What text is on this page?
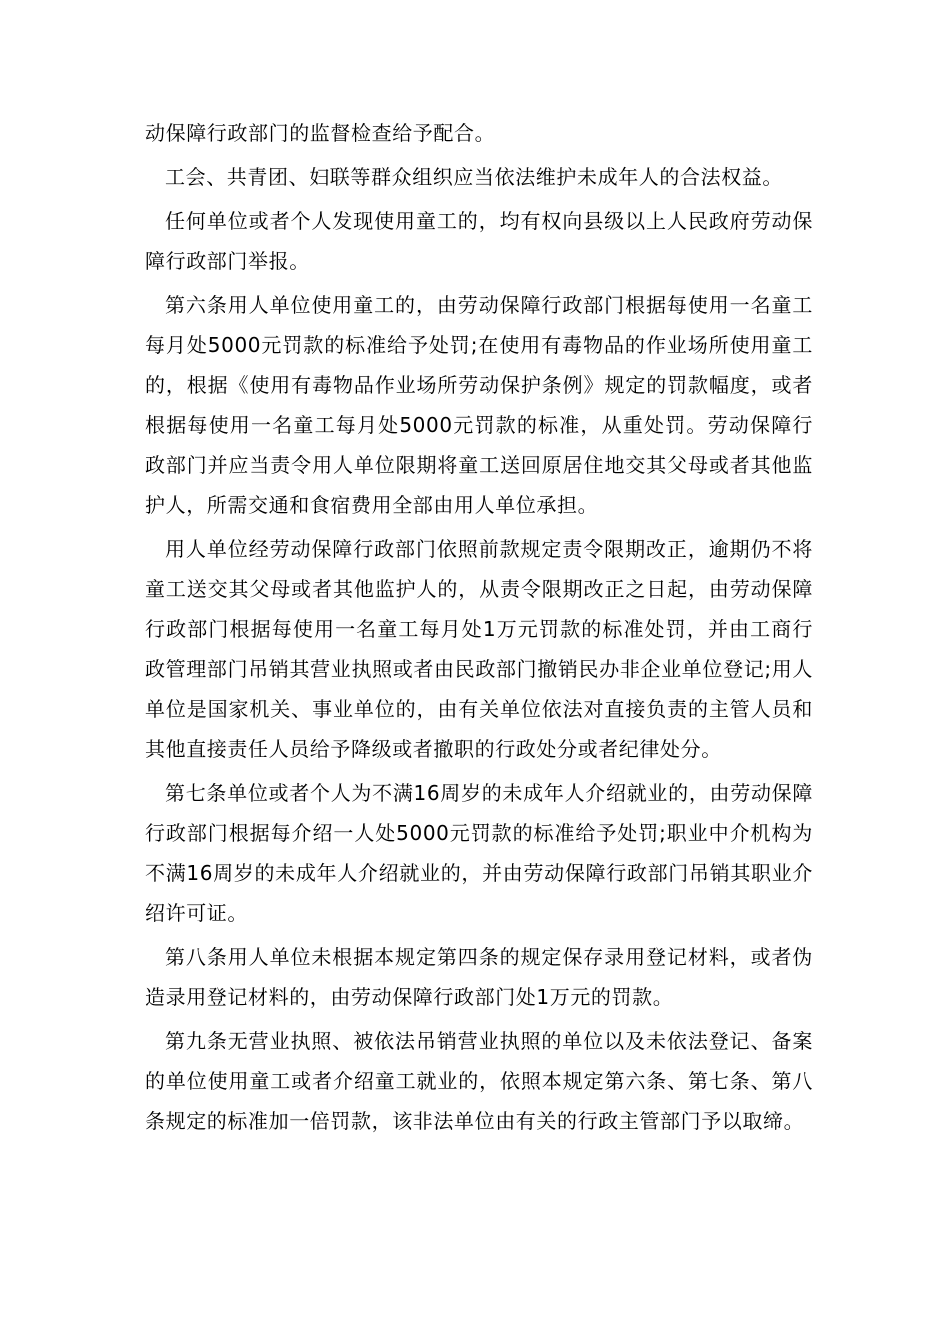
动保障行政部门的监督检查给予配合。

工会、共青团、妇联等群众组织应当依法维护未成年人的合法权益。

任何单位或者个人发现使用童工的，均有权向县级以上人民政府劳动保障行政部门举报。

第六条用人单位使用童工的，由劳动保障行政部门根据每使用一名童工每月处5000元罚款的标准给予处罚;在使用有毒物品的作业场所使用童工的，根据《使用有毒物品作业场所劳动保护条例》规定的罚款幅度，或者根据每使用一名童工每月处5000元罚款的标准，从重处罚。劳动保障行政部门并应当责令用人单位限期将童工送回原居住地交其父母或者其他监护人，所需交通和食宿费用全部由用人单位承担。

用人单位经劳动保障行政部门依照前款规定责令限期改正，逾期仍不将童工送交其父母或者其他监护人的，从责令限期改正之日起，由劳动保障行政部门根据每使用一名童工每月处1万元罚款的标准处罚，并由工商行政管理部门吊销其营业执照或者由民政部门撤销民办非企业单位登记;用人单位是国家机关、事业单位的，由有关单位依法对直接负责的主管人员和其他直接责任人员给予降级或者撤职的行政处分或者纪律处分。

第七条单位或者个人为不满16周岁的未成年人介绍就业的，由劳动保障行政部门根据每介绍一人处5000元罚款的标准给予处罚;职业中介机构为不满16周岁的未成年人介绍就业的，并由劳动保障行政部门吊销其职业介绍许可证。

第八条用人单位未根据本规定第四条的规定保存录用登记材料，或者伪造录用登记材料的，由劳动保障行政部门处1万元的罚款。

第九条无营业执照、被依法吊销营业执照的单位以及未依法登记、备案的单位使用童工或者介绍童工就业的，依照本规定第六条、第七条、第八条规定的标准加一倍罚款，该非法单位由有关的行政主管部门予以取缔。
